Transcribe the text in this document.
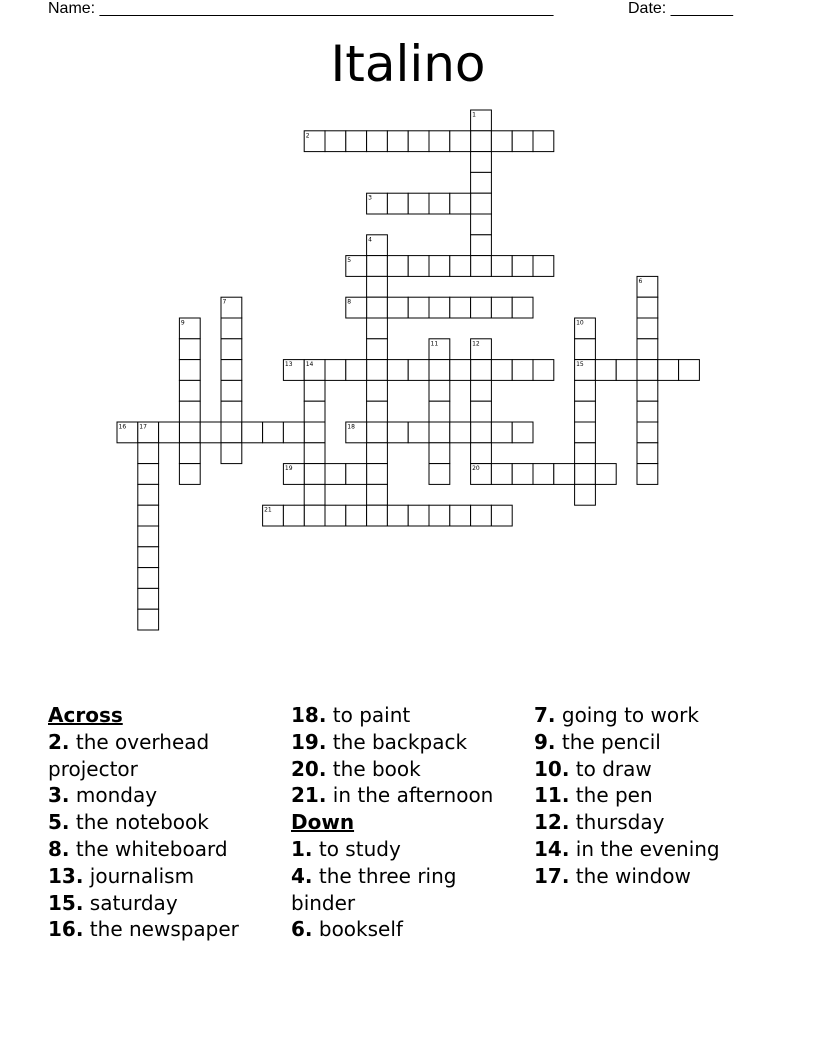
Name: ___________________________________________________	Date: _______
Italino
1
2
3
4
5
6
7	8
9	10
11	12
13 14	15
16 17	18
19	20
21
Across
2. the overhead projector
3. monday
5. the notebook
8. the whiteboard
13. journalism
15. saturday
16. the newspaper
18. to paint
19. the backpack
20. the book
21. in the afternoon
Down
1. to study
4. the three ring binder
6. bookself
7. going to work
9. the pencil
10. to draw
11. the pen
12. thursday
14. in the evening
17. the window
